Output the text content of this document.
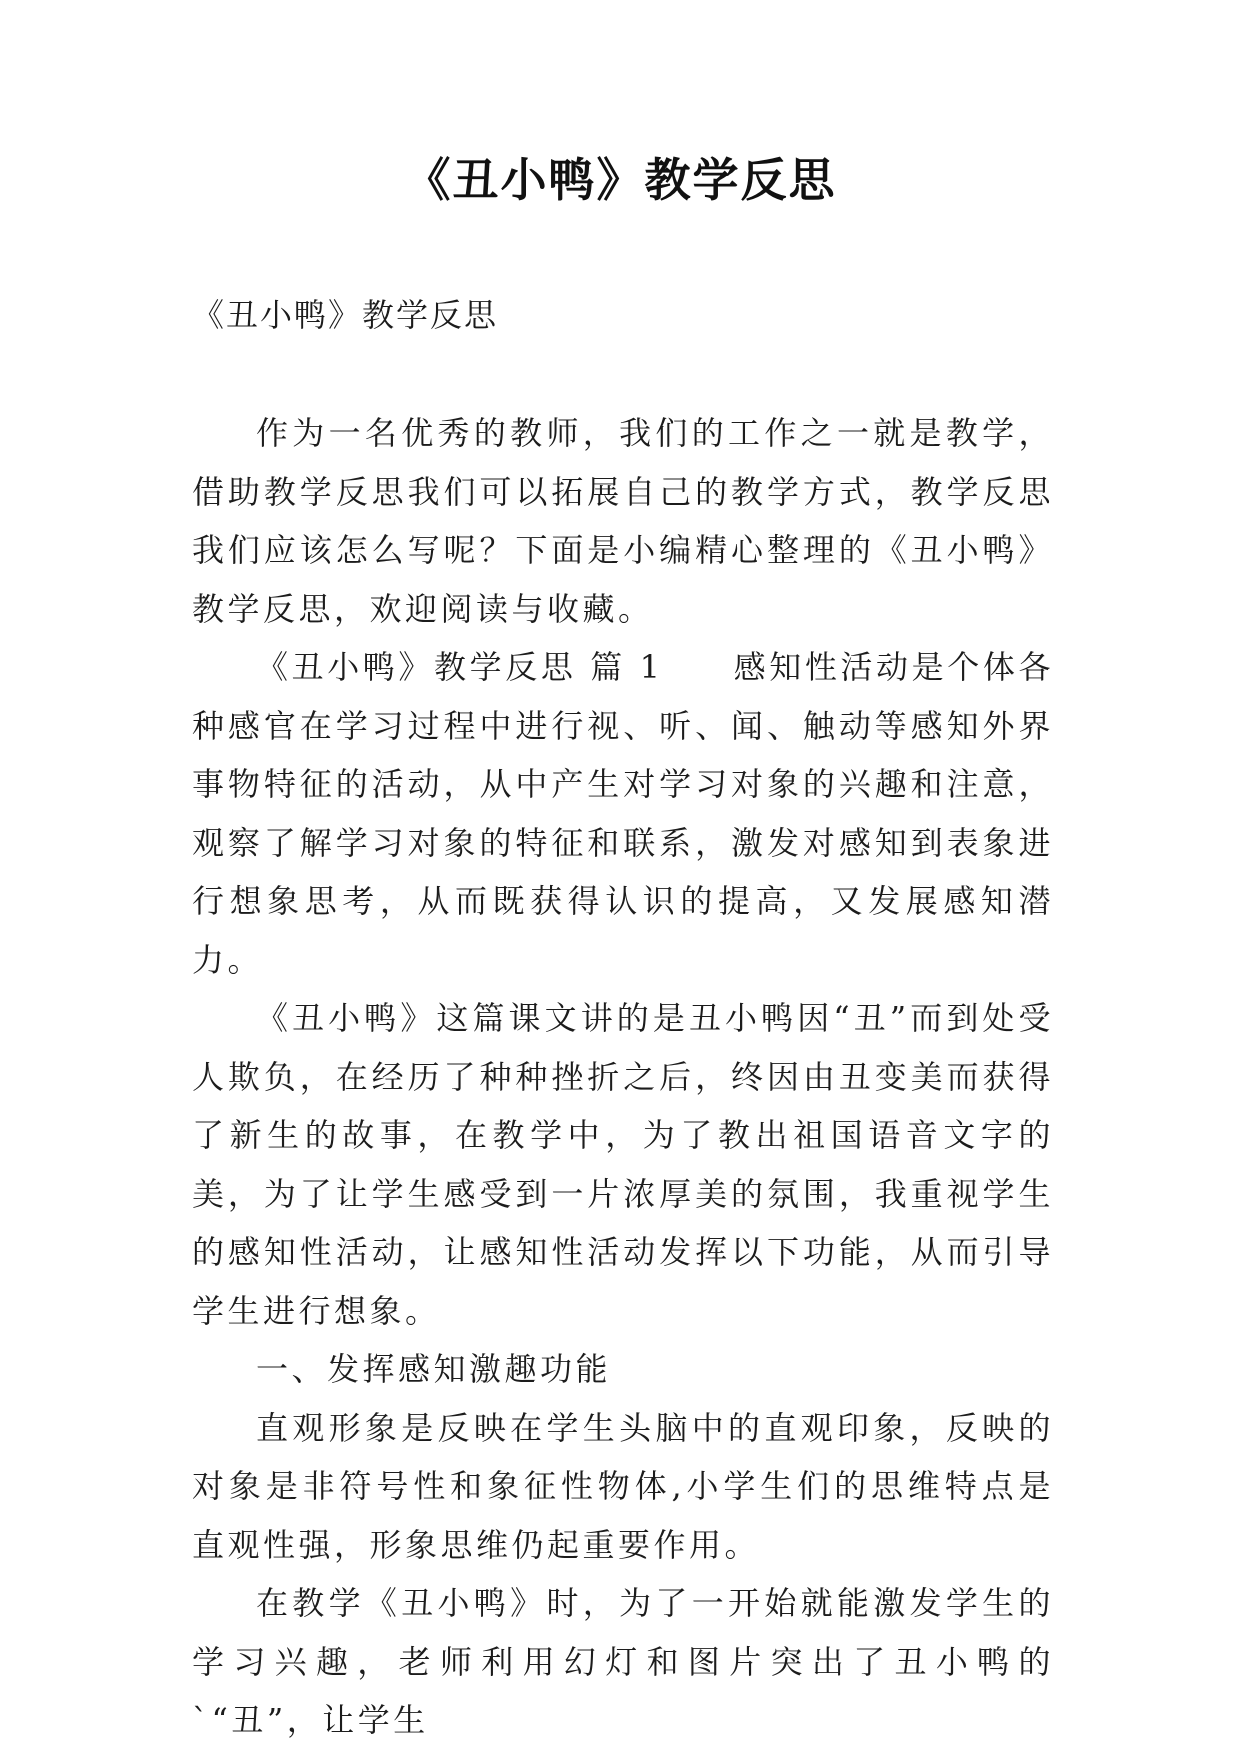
《丑小鸭》教学反思
《丑小鸭》教学反思

作为一名优秀的教师，我们的工作之一就是教学，借助教学反思我们可以拓展自己的教学方式，教学反思我们应该怎么写呢？下面是小编精心整理的《丑小鸭》教学反思，欢迎阅读与收藏。

《丑小鸭》教学反思 篇 1 感知性活动是个体各种感官在学习过程中进行视、听、闻、触动等感知外界事物特征的活动，从中产生对学习对象的兴趣和注意，观察了解学习对象的特征和联系，激发对感知到表象进行想象思考，从而既获得认识的提高，又发展感知潜力。

《丑小鸭》这篇课文讲的是丑小鸭因“丑”而到处受人欺负，在经历了种种挫折之后，终因由丑变美而获得了新生的故事，在教学中，为了教出祖国语音文字的美，为了让学生感受到一片浓厚美的氛围，我重视学生的感知性活动，让感知性活动发挥以下功能，从而引导学生进行想象。

一、发挥感知激趣功能

直观形象是反映在学生头脑中的直观印象，反映的对象是非符号性和象征性物体,小学生们的思维特点是直观性强，形象思维仍起重要作用。

在教学《丑小鸭》时，为了一开始就能激发学生的学习兴趣，老师利用幻灯和图片突出了丑小鸭的`“丑”，让学生
